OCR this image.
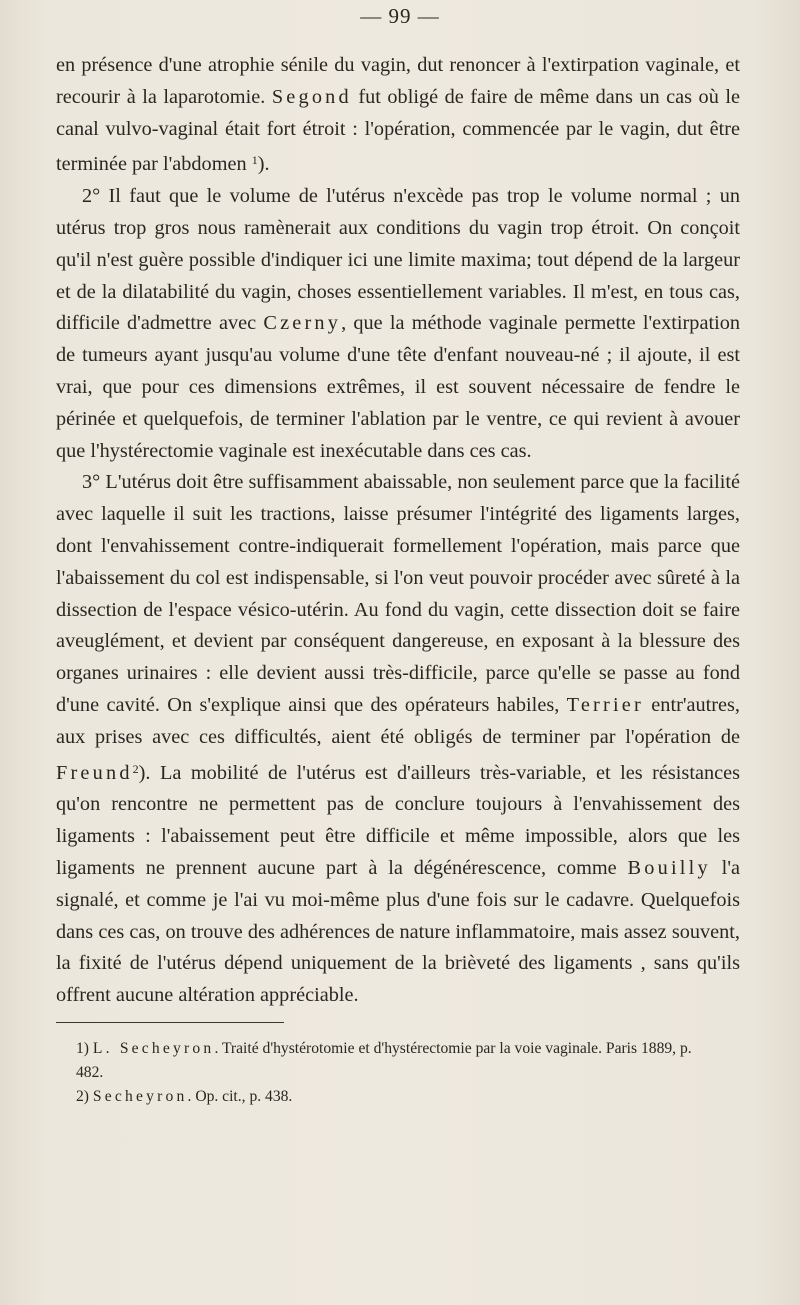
— 99 —

en présence d'une atrophie sénile du vagin, dut renoncer à l'extirpation vaginale, et recourir à la laparotomie. Segond fut obligé de faire de même dans un cas où le canal vulvo-vaginal était fort étroit : l'opération, commencée par le vagin, dut être terminée par l'abdomen $^1$).

2° Il faut que le volume de l'utérus n'excède pas trop le volume normal ; un utérus trop gros nous ramènerait aux conditions du vagin trop étroit. On conçoit qu'il n'est guère possible d'indiquer ici une limite maxima; tout dépend de la largeur et de la dilatabilité du vagin, choses essentiellement variables. Il m'est, en tous cas, difficile d'admettre avec Czerny, que la méthode vaginale permette l'extirpation de tumeurs ayant jusqu'au volume d'une tête d'enfant nouveau-né ; il ajoute, il est vrai, que pour ces dimensions extrêmes, il est souvent nécessaire de fendre le périnée et quelquefois, de terminer l'ablation par le ventre, ce qui revient à avouer que l'hystérectomie vaginale est inexécutable dans ces cas.

3° L'utérus doit être suffisamment abaissable, non seulement parce que la facilité avec laquelle il suit les tractions, laisse présumer l'intégrité des ligaments larges, dont l'envahissement contre-indiquerait formellement l'opération, mais parce que l'abaissement du col est indispensable, si l'on veut pouvoir procéder avec sûreté à la dissection de l'espace vésico-utérin. Au fond du vagin, cette dissection doit se faire aveuglément, et devient par conséquent dangereuse, en exposant à la blessure des organes urinaires : elle devient aussi très-difficile, parce qu'elle se passe au fond d'une cavité. On s'explique ainsi que des opérateurs habiles, Terrier entr'autres, aux prises avec ces difficultés, aient été obligés de terminer par l'opération de Freund$^2$). La mobilité de l'utérus est d'ailleurs très-variable, et les résistances qu'on rencontre ne permettent pas de conclure toujours à l'envahissement des ligaments : l'abaissement peut être difficile et même impossible, alors que les ligaments ne prennent aucune part à la dégénérescence, comme Bouilly l'a signalé, et comme je l'ai vu moi-même plus d'une fois sur le cadavre. Quelquefois dans ces cas, on trouve des adhérences de nature inflammatoire, mais assez souvent, la fixité de l'utérus dépend uniquement de la brièveté des ligaments , sans qu'ils offrent aucune altération appréciable.

1) L. Secheyron. Traité d'hystérotomie et d'hystérectomie par la voie vaginale. Paris 1889, p. 482.

2) Secheyron. Op. cit., p. 438.
